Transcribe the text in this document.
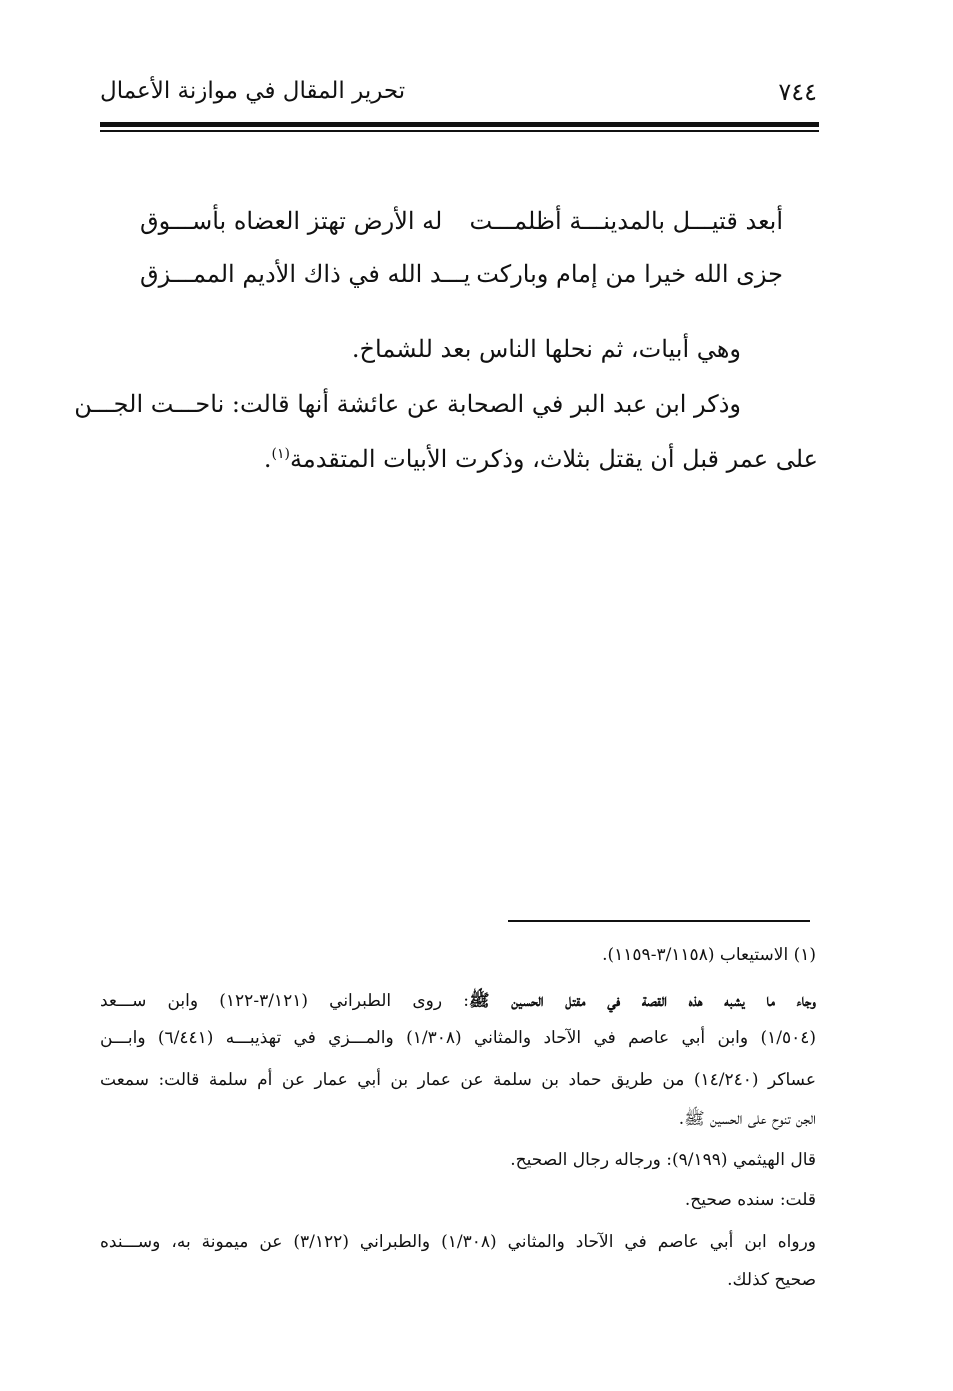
٧٤٤
تحرير المقال في موازنة الأعمال
أبعد قتيـــل بالمدينـــة أظلمـــت
له الأرض تهتز العضاه بأســـوق
جزى الله خيرا من إمام وباركت
يـــد الله في ذاك الأديم الممـــزق
وهي أبيات، ثم نحلها الناس بعد للشماخ.
وذكر ابن عبد البر في الصحابة عن عائشة أنها قالت: ناحـــت الجـــن
على عمر قبل أن يقتل بثلاث، وذكرت الأبيات المتقدمة$^{(١)}$.
(١) الاستيعاب (٣/١١٥٨-١١٥٩).
وجاء ما يشبه هذه القصة في مقتل الحسين ﷺ: روى الطبراني (٣/١٢١-١٢٢) وابن ســـعد
(١/٥٠٤) وابن أبي عاصم في الآحاد والمثاني (١/٣٠٨) والمـــزي في تهذيبـــه (٦/٤٤١) وابـــن
عساكر (١٤/٢٤٠) من طريق حماد بن سلمة عن عمار بن أبي عمار عن أم سلمة قالت: سمعت
الجن تنوح على الحسين ﷺ.
قال الهيثمي (٩/١٩٩): ورجاله رجال الصحيح.
قلت: سنده صحيح.
ورواه ابن أبي عاصم في الآحاد والمثاني (١/٣٠٨) والطبراني (٣/١٢٢) عن ميمونة به، وســـنده
صحيح كذلك.
